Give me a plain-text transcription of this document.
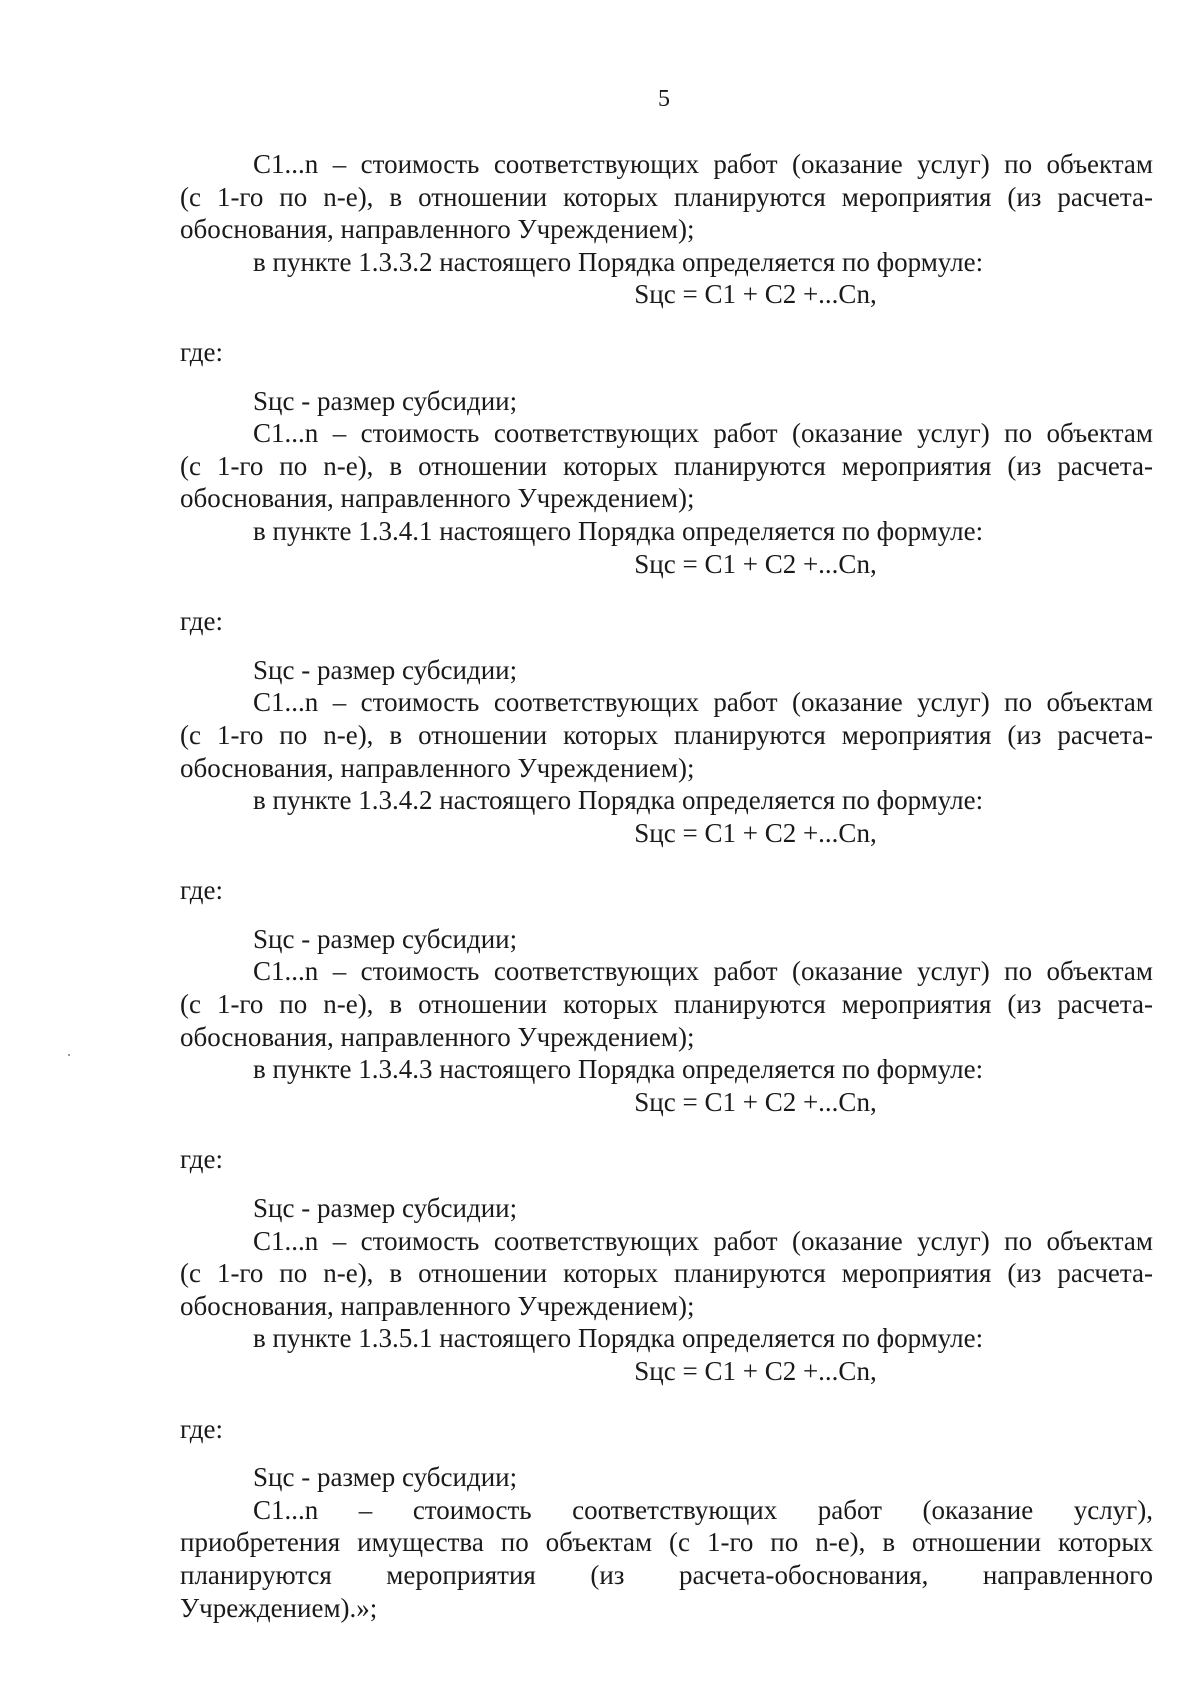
5
C1...n – стоимость соответствующих работ (оказание услуг) по объектам
(с 1-го по n-е), в отношении которых планируются мероприятия (из расчета-
обоснования, направленного Учреждением);
в пункте 1.3.3.2 настоящего Порядка определяется по формуле:
Sцс = C1 + C2 +...Cn,
где:
Sцс - размер субсидии;
C1...n – стоимость соответствующих работ (оказание услуг) по объектам
(с 1-го по n-е), в отношении которых планируются мероприятия (из расчета-
обоснования, направленного Учреждением);
в пункте 1.3.4.1 настоящего Порядка определяется по формуле:
Sцс = C1 + C2 +...Cn,
где:
Sцс - размер субсидии;
C1...n – стоимость соответствующих работ (оказание услуг) по объектам
(с 1-го по n-е), в отношении которых планируются мероприятия (из расчета-
обоснования, направленного Учреждением);
в пункте 1.3.4.2 настоящего Порядка определяется по формуле:
Sцс = C1 + C2 +...Cn,
где:
Sцс - размер субсидии;
C1...n – стоимость соответствующих работ (оказание услуг) по объектам
(с 1-го по n-е), в отношении которых планируются мероприятия (из расчета-
обоснования, направленного Учреждением);
в пункте 1.3.4.3 настоящего Порядка определяется по формуле:
Sцс = C1 + C2 +...Cn,
где:
Sцс - размер субсидии;
C1...n – стоимость соответствующих работ (оказание услуг) по объектам
(с 1-го по n-е), в отношении которых планируются мероприятия (из расчета-
обоснования, направленного Учреждением);
в пункте 1.3.5.1 настоящего Порядка определяется по формуле:
Sцс = C1 + C2 +...Cn,
где:
Sцс - размер субсидии;
C1...n – стоимость соответствующих работ (оказание услуг),
приобретения имущества по объектам (с 1-го по n-е), в отношении которых
планируются мероприятия (из расчета-обоснования, направленного
Учреждением).»;
